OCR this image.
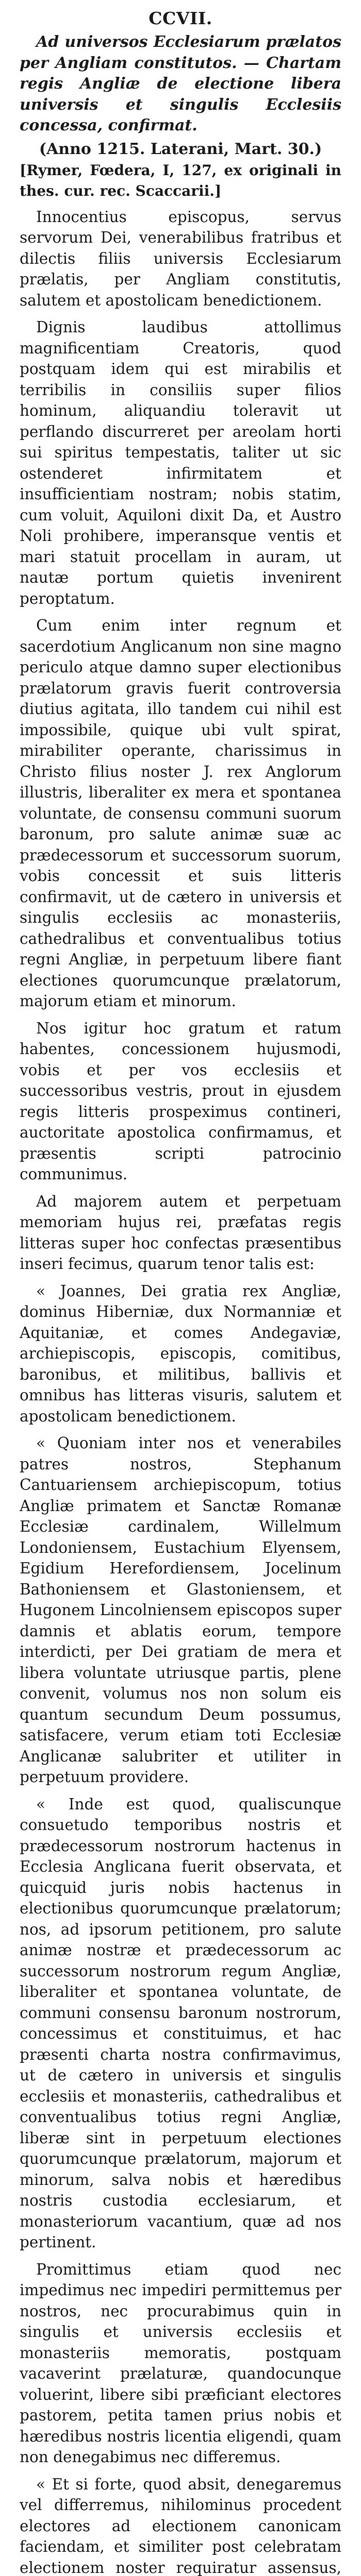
CCVII.

Ad universos Ecclesiarum prælatos per Angliam constitutos. — Chartam regis Angliæ de electione libera universis et singulis Ecclesiis concessa, confirmat.

(Anno 1215. Laterani, Mart. 30.)

[Rymer, Fœdera, I, 127, ex originali in thes. cur. rec. Scaccarii.]

Innocentius episcopus, servus servorum Dei, venerabilibus fratribus et dilectis filiis universis Ecclesiarum prælatis, per Angliam constitutis, salutem et apostolicam benedictionem.

Dignis laudibus attollimus magnificentiam Creatoris, quod postquam idem qui est mirabilis et terribilis in consiliis super filios hominum, aliquandiu toleravit ut perflando discurreret per areolam horti sui spiritus tempestatis, taliter ut sic ostenderet infirmitatem et insufficientiam nostram; nobis statim, cum voluit, Aquiloni dixit Da, et Austro Noli prohibere, imperansque ventis et mari statuit procellam in auram, ut nautæ portum quietis invenirent peroptatum.

Cum enim inter regnum et sacerdotium Anglicanum non sine magno periculo atque damno super electionibus prælatorum gravis fuerit controversia diutius agitata, illo tandem cui nihil est impossibile, quique ubi vult spirat, mirabiliter operante, charissimus in Christo filius noster J. rex Anglorum illustris, liberaliter ex mera et spontanea voluntate, de consensu communi suorum baronum, pro salute animæ suæ ac prædecessorum et successorum suorum, vobis concessit et suis litteris confirmavit, ut de cætero in universis et singulis ecclesiis ac monasteriis, cathedralibus et conventualibus totius regni Angliæ, in perpetuum libere fiant electiones quorumcunque prælatorum, majorum etiam et minorum.

Nos igitur hoc gratum et ratum habentes, concessionem hujusmodi, vobis et per vos ecclesiis et successoribus vestris, prout in ejusdem regis litteris prospeximus contineri, auctoritate apostolica confirmamus, et præsentis scripti patrocinio communimus.

Ad majorem autem et perpetuam memoriam hujus rei, præfatas regis litteras super hoc confectas præsentibus inseri fecimus, quarum tenor talis est:

« Joannes, Dei gratia rex Angliæ, dominus Hiberniæ, dux Normanniæ et Aquitaniæ, et comes Andegaviæ, archiepiscopis, episcopis, comitibus, baronibus, et militibus, ballivis et omnibus has litteras visuris, salutem et apostolicam benedictionem.

« Quoniam inter nos et venerabiles patres nostros, Stephanum Cantuariensem archiepiscopum, totius Angliæ primatem et Sanctæ Romanæ Ecclesiæ cardinalem, Willelmum Londoniensem, Eustachium Elyensem, Egidium Herefordiensem, Jocelinum Bathoniensem et Glastoniensem, et Hugonem Lincolniensem episcopos super damnis et ablatis eorum, tempore interdicti, per Dei gratiam de mera et libera voluntate utriusque partis, plene convenit, volumus nos non solum eis quantum secundum Deum possumus, satisfacere, verum etiam toti Ecclesiæ Anglicanæ salubriter et utiliter in perpetuum providere.

« Inde est quod, qualiscunque consuetudo temporibus nostris et prædecessorum nostrorum hactenus in Ecclesia Anglicana fuerit observata, et quicquid juris nobis hactenus in electionibus quorumcunque prælatorum; nos, ad ipsorum petitionem, pro salute animæ nostræ et prædecessorum ac successorum nostrorum regum Angliæ, liberaliter et spontanea voluntate, de communi consensu baronum nostrorum, concessimus et constituimus, et hac præsenti charta nostra confirmavimus, ut de cætero in universis et singulis ecclesiis et monasteriis, cathedralibus et conventualibus totius regni Angliæ, liberæ sint in perpetuum electiones quorumcunque prælatorum, majorum et minorum, salva nobis et hæredibus nostris custodia ecclesiarum, et monasteriorum vacantium, quæ ad nos pertinent.

Promittimus etiam quod nec impedimus nec impediri permittemus per nostros, nec procurabimus quin in singulis et universis ecclesiis et monasteriis memoratis, postquam vacaverint prælaturæ, quandocunque voluerint, libere sibi præficiant electores pastorem, petita tamen prius nobis et hæredibus nostris licentia eligendi, quam non denegabimus nec differemus.

« Et si forte, quod absit, denegaremus vel differremus, nihilominus procedent electores ad electionem canonicam faciendam, et similiter post celebratam electionem noster requiratur assensus,
